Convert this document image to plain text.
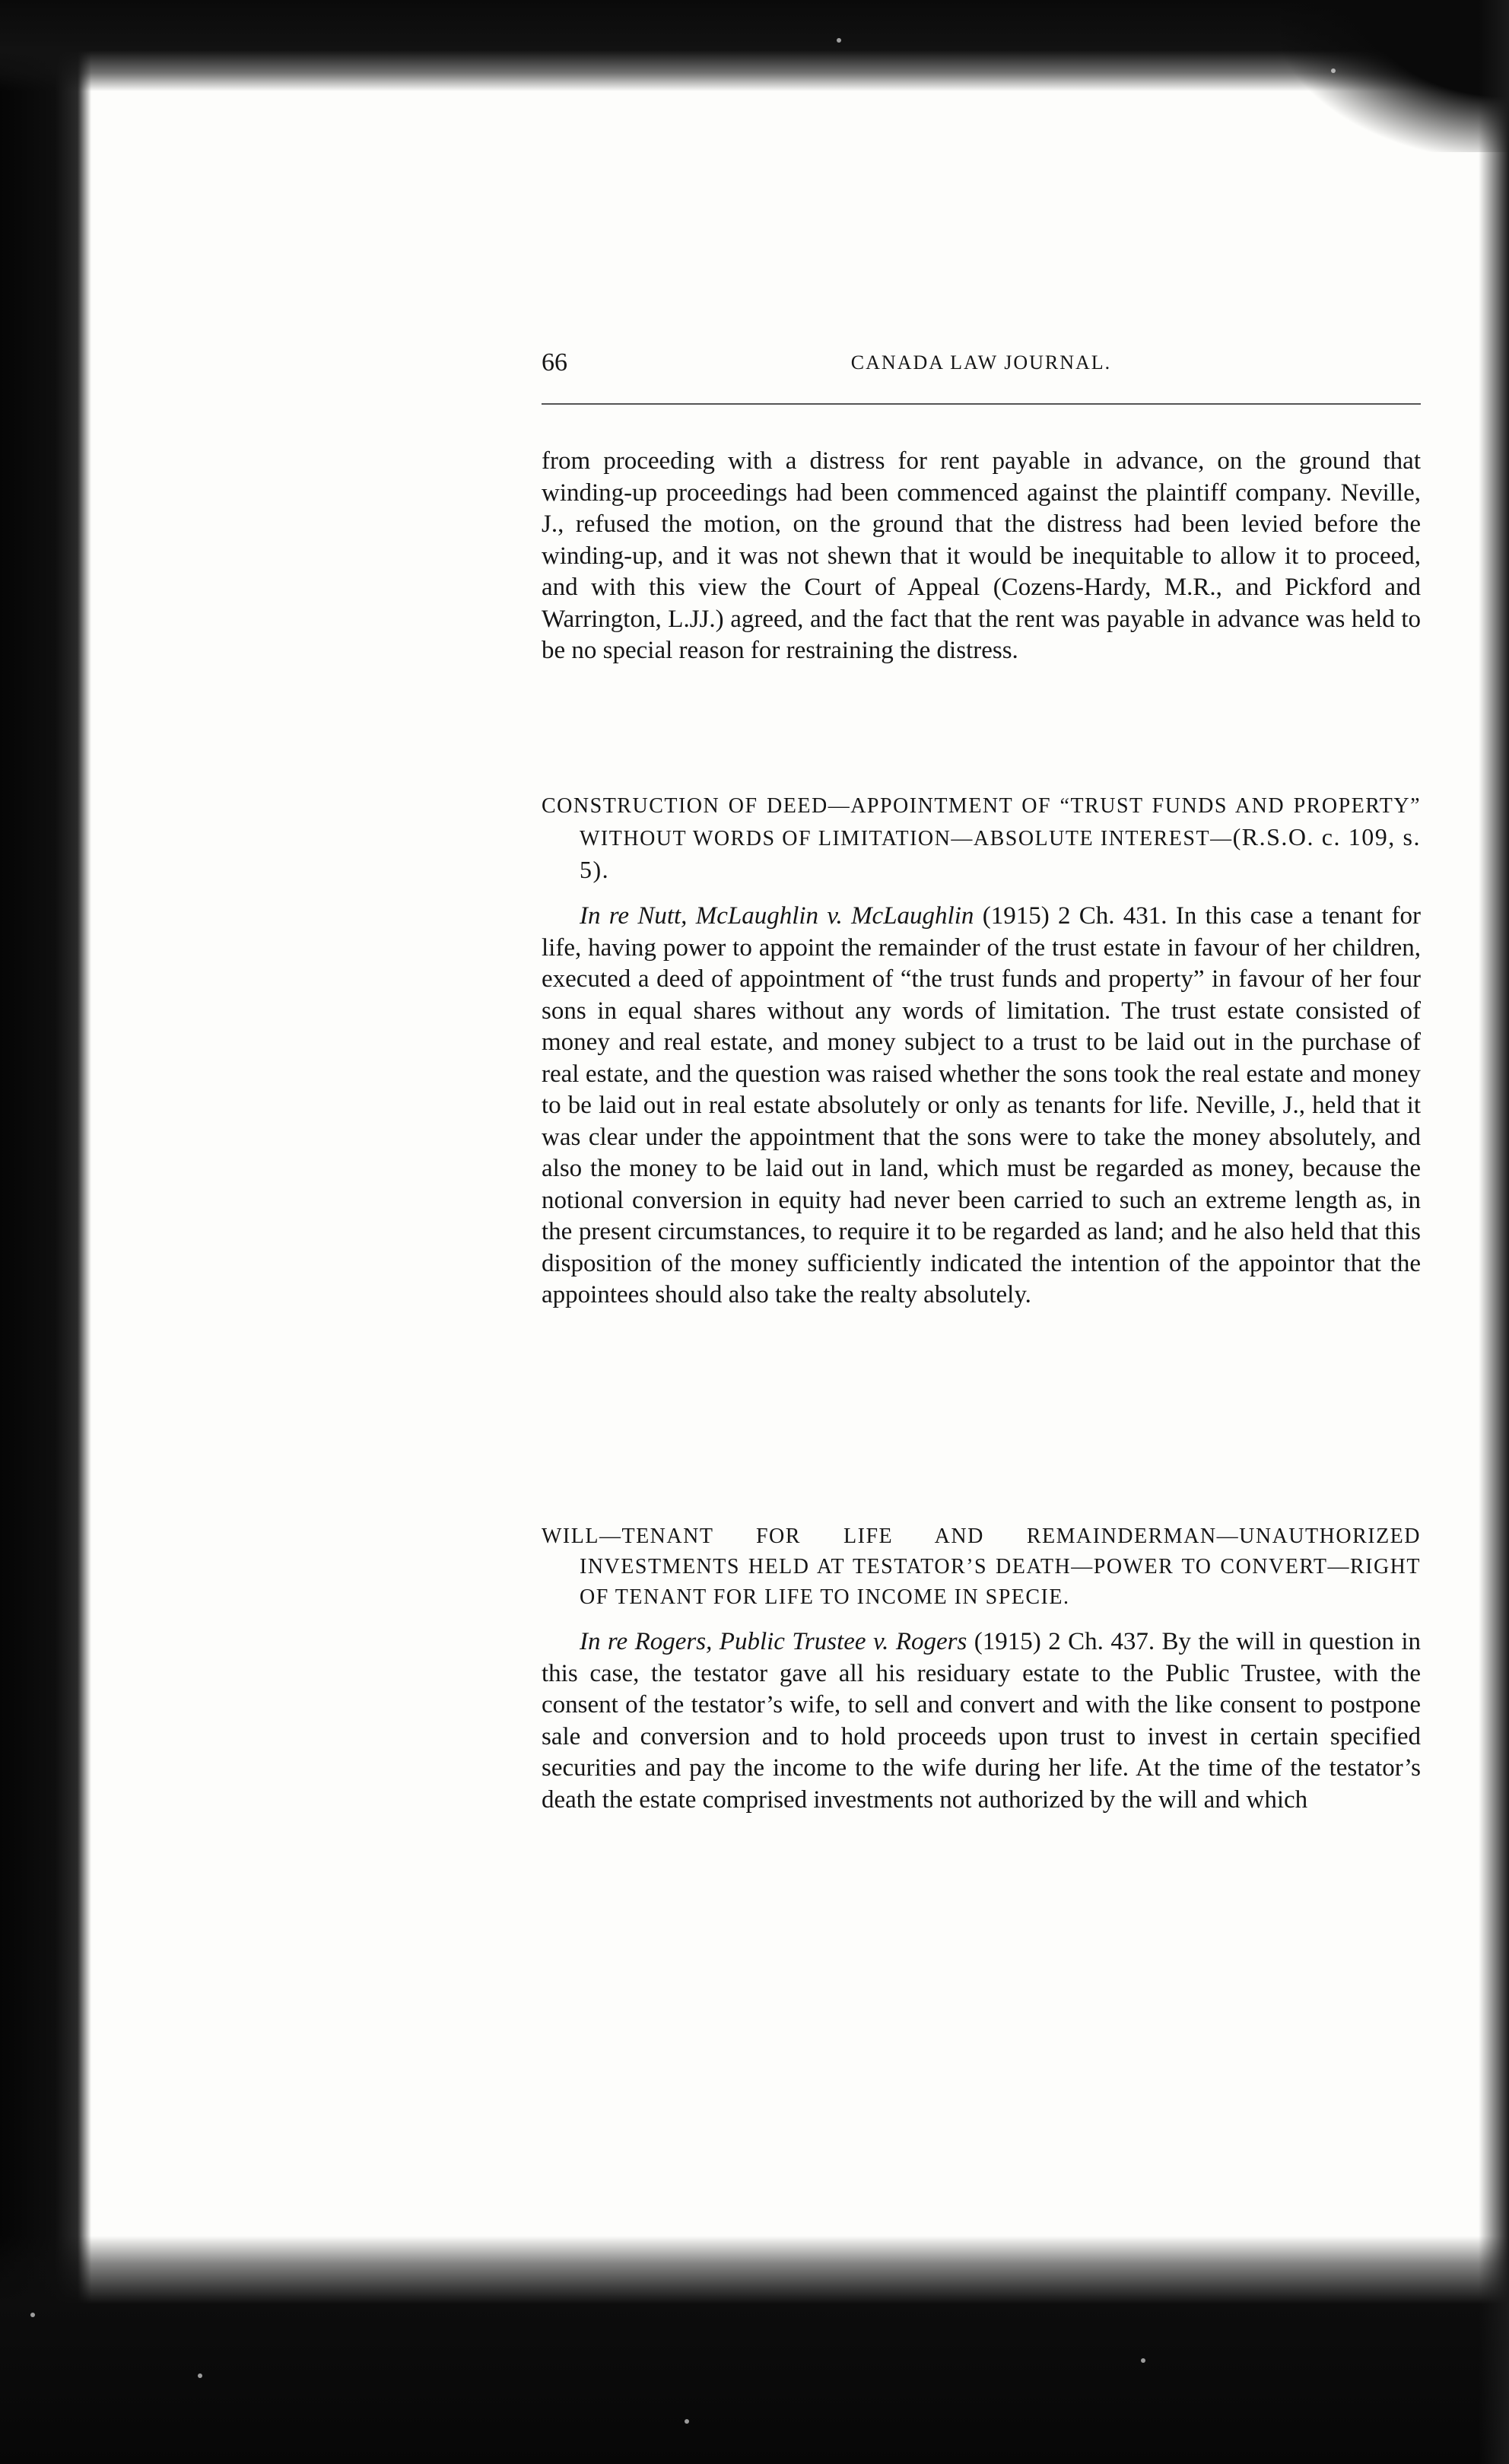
66	CANADA LAW JOURNAL.

from proceeding with a distress for rent payable in advance, on the ground that winding-up proceedings had been commenced against the plaintiff company. Neville, J., refused the motion, on the ground that the distress had been levied before the winding-up, and it was not shewn that it would be inequitable to allow it to proceed, and with this view the Court of Appeal (Cozens-Hardy, M.R., and Pickford and Warrington, L.JJ.) agreed, and the fact that the rent was payable in advance was held to be no special reason for restraining the distress.

CONSTRUCTION OF DEED—APPOINTMENT OF “TRUST FUNDS AND PROPERTY” WITHOUT WORDS OF LIMITATION—ABSOLUTE INTEREST—(R.S.O. c. 109, s. 5).

In re Nutt, McLaughlin v. McLaughlin (1915) 2 Ch. 431. In this case a tenant for life, having power to appoint the remainder of the trust estate in favour of her children, executed a deed of appointment of “the trust funds and property” in favour of her four sons in equal shares without any words of limitation. The trust estate consisted of money and real estate, and money subject to a trust to be laid out in the purchase of real estate, and the question was raised whether the sons took the real estate and money to be laid out in real estate absolutely or only as tenants for life. Neville, J., held that it was clear under the appointment that the sons were to take the money absolutely, and also the money to be laid out in land, which must be regarded as money, because the notional conversion in equity had never been carried to such an extreme length as, in the present circumstances, to require it to be regarded as land; and he also held that this disposition of the money sufficiently indicated the intention of the appointor that the appointees should also take the realty absolutely.

WILL—TENANT FOR LIFE AND REMAINDERMAN—UNAUTHORIZED INVESTMENTS HELD AT TESTATOR’S DEATH—POWER TO CONVERT—RIGHT OF TENANT FOR LIFE TO INCOME IN SPECIE.

In re Rogers, Public Trustee v. Rogers (1915) 2 Ch. 437. By the will in question in this case, the testator gave all his residuary estate to the Public Trustee, with the consent of the testator’s wife, to sell and convert and with the like consent to postpone sale and conversion and to hold proceeds upon trust to invest in certain specified securities and pay the income to the wife during her life. At the time of the testator’s death the estate comprised investments not authorized by the will and which
